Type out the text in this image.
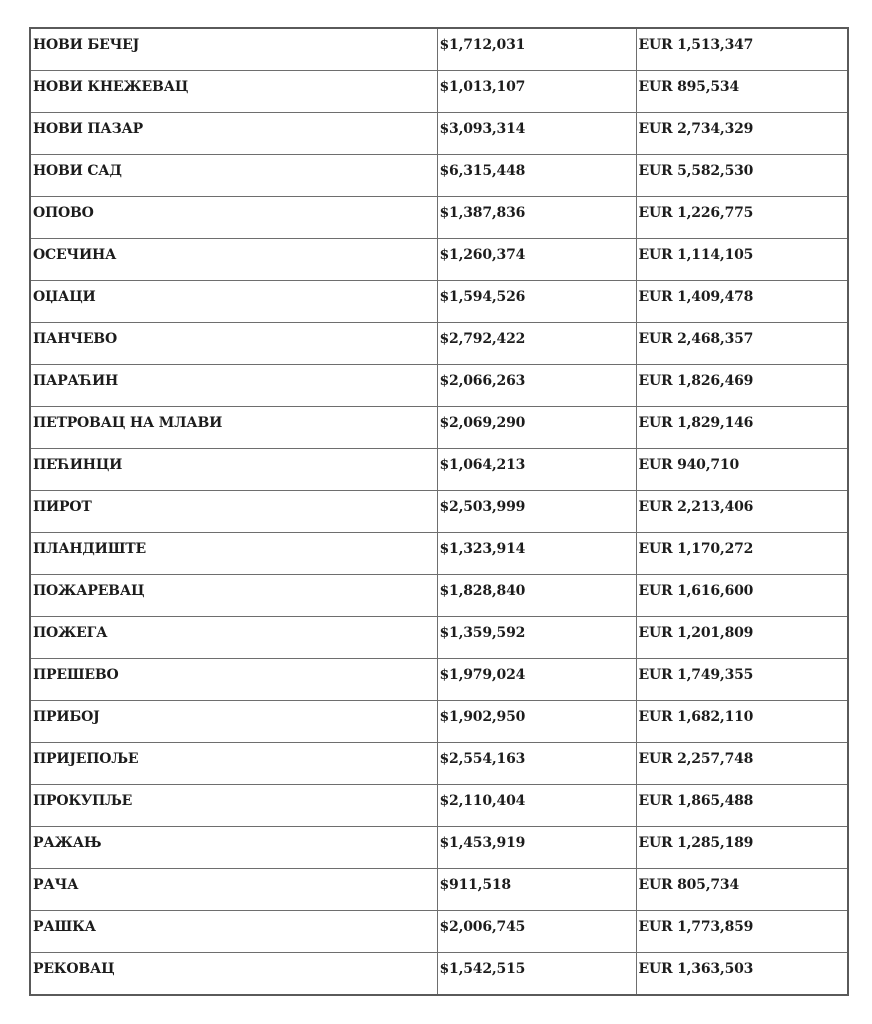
НОВИ БЕЧЕЈ	$1,712,031	EUR 1,513,347

НОВИ КНЕЖЕВАЦ	$1,013,107	EUR 895,534

НОВИ ПАЗАР	$3,093,314	EUR 2,734,329

НОВИ САД	$6,315,448	EUR 5,582,530

ОПОВО	$1,387,836	EUR 1,226,775

ОСЕЧИНА	$1,260,374	EUR 1,114,105

ОЏАЦИ	$1,594,526	EUR 1,409,478

ПАНЧЕВО	$2,792,422	EUR 2,468,357

ПАРАЋИН	$2,066,263	EUR 1,826,469

ПЕТРОВАЦ НА МЛАВИ	$2,069,290	EUR 1,829,146

ПЕЋИНЦИ	$1,064,213	EUR 940,710

ПИРОТ	$2,503,999	EUR 2,213,406

ПЛАНДИШТЕ	$1,323,914	EUR 1,170,272

ПОЖАРЕВАЦ	$1,828,840	EUR 1,616,600

ПОЖЕГА	$1,359,592	EUR 1,201,809

ПРЕШЕВО	$1,979,024	EUR 1,749,355

ПРИБОЈ	$1,902,950	EUR 1,682,110

ПРИЈЕПОЉЕ	$2,554,163	EUR 2,257,748

ПРОКУПЉЕ	$2,110,404	EUR 1,865,488

РАЖАЊ	$1,453,919	EUR 1,285,189

РАЧА	$911,518	EUR 805,734

РАШКА	$2,006,745	EUR 1,773,859

РЕКОВАЦ	$1,542,515	EUR 1,363,503
